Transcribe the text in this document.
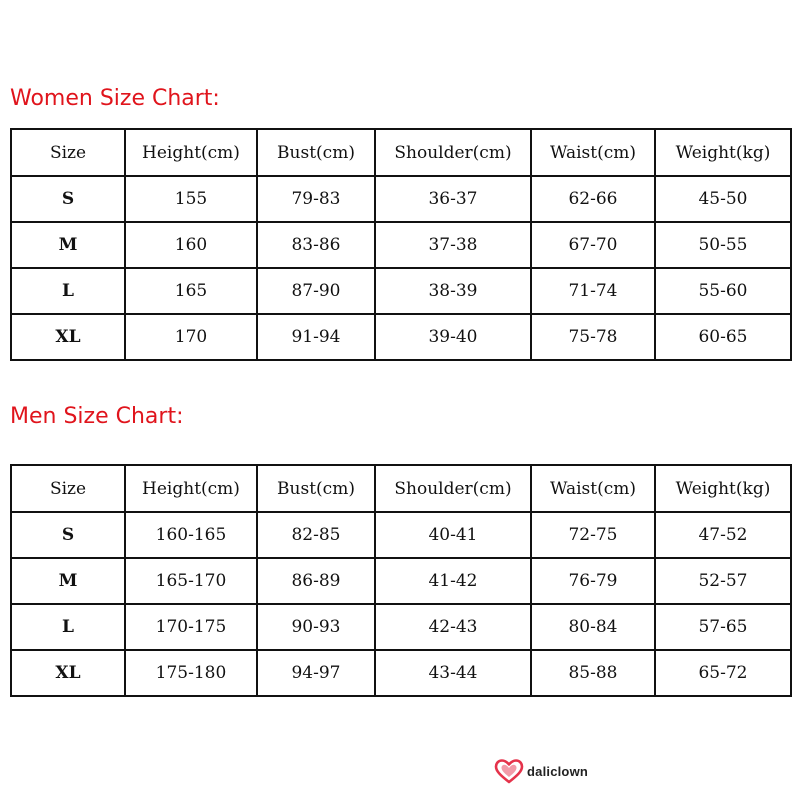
Women Size Chart:
Size	Height(cm)	Bust(cm)	Shoulder(cm)	Waist(cm)	Weight(kg)
S	155	79-83	36-37	62-66	45-50
M	160	83-86	37-38	67-70	50-55
L	165	87-90	38-39	71-74	55-60
XL	170	91-94	39-40	75-78	60-65
Men Size Chart:
Size	Height(cm)	Bust(cm)	Shoulder(cm)	Waist(cm)	Weight(kg)
S	160-165	82-85	40-41	72-75	47-52
M	165-170	86-89	41-42	76-79	52-57
L	170-175	90-93	42-43	80-84	57-65
XL	175-180	94-97	43-44	85-88	65-72
daliclown
